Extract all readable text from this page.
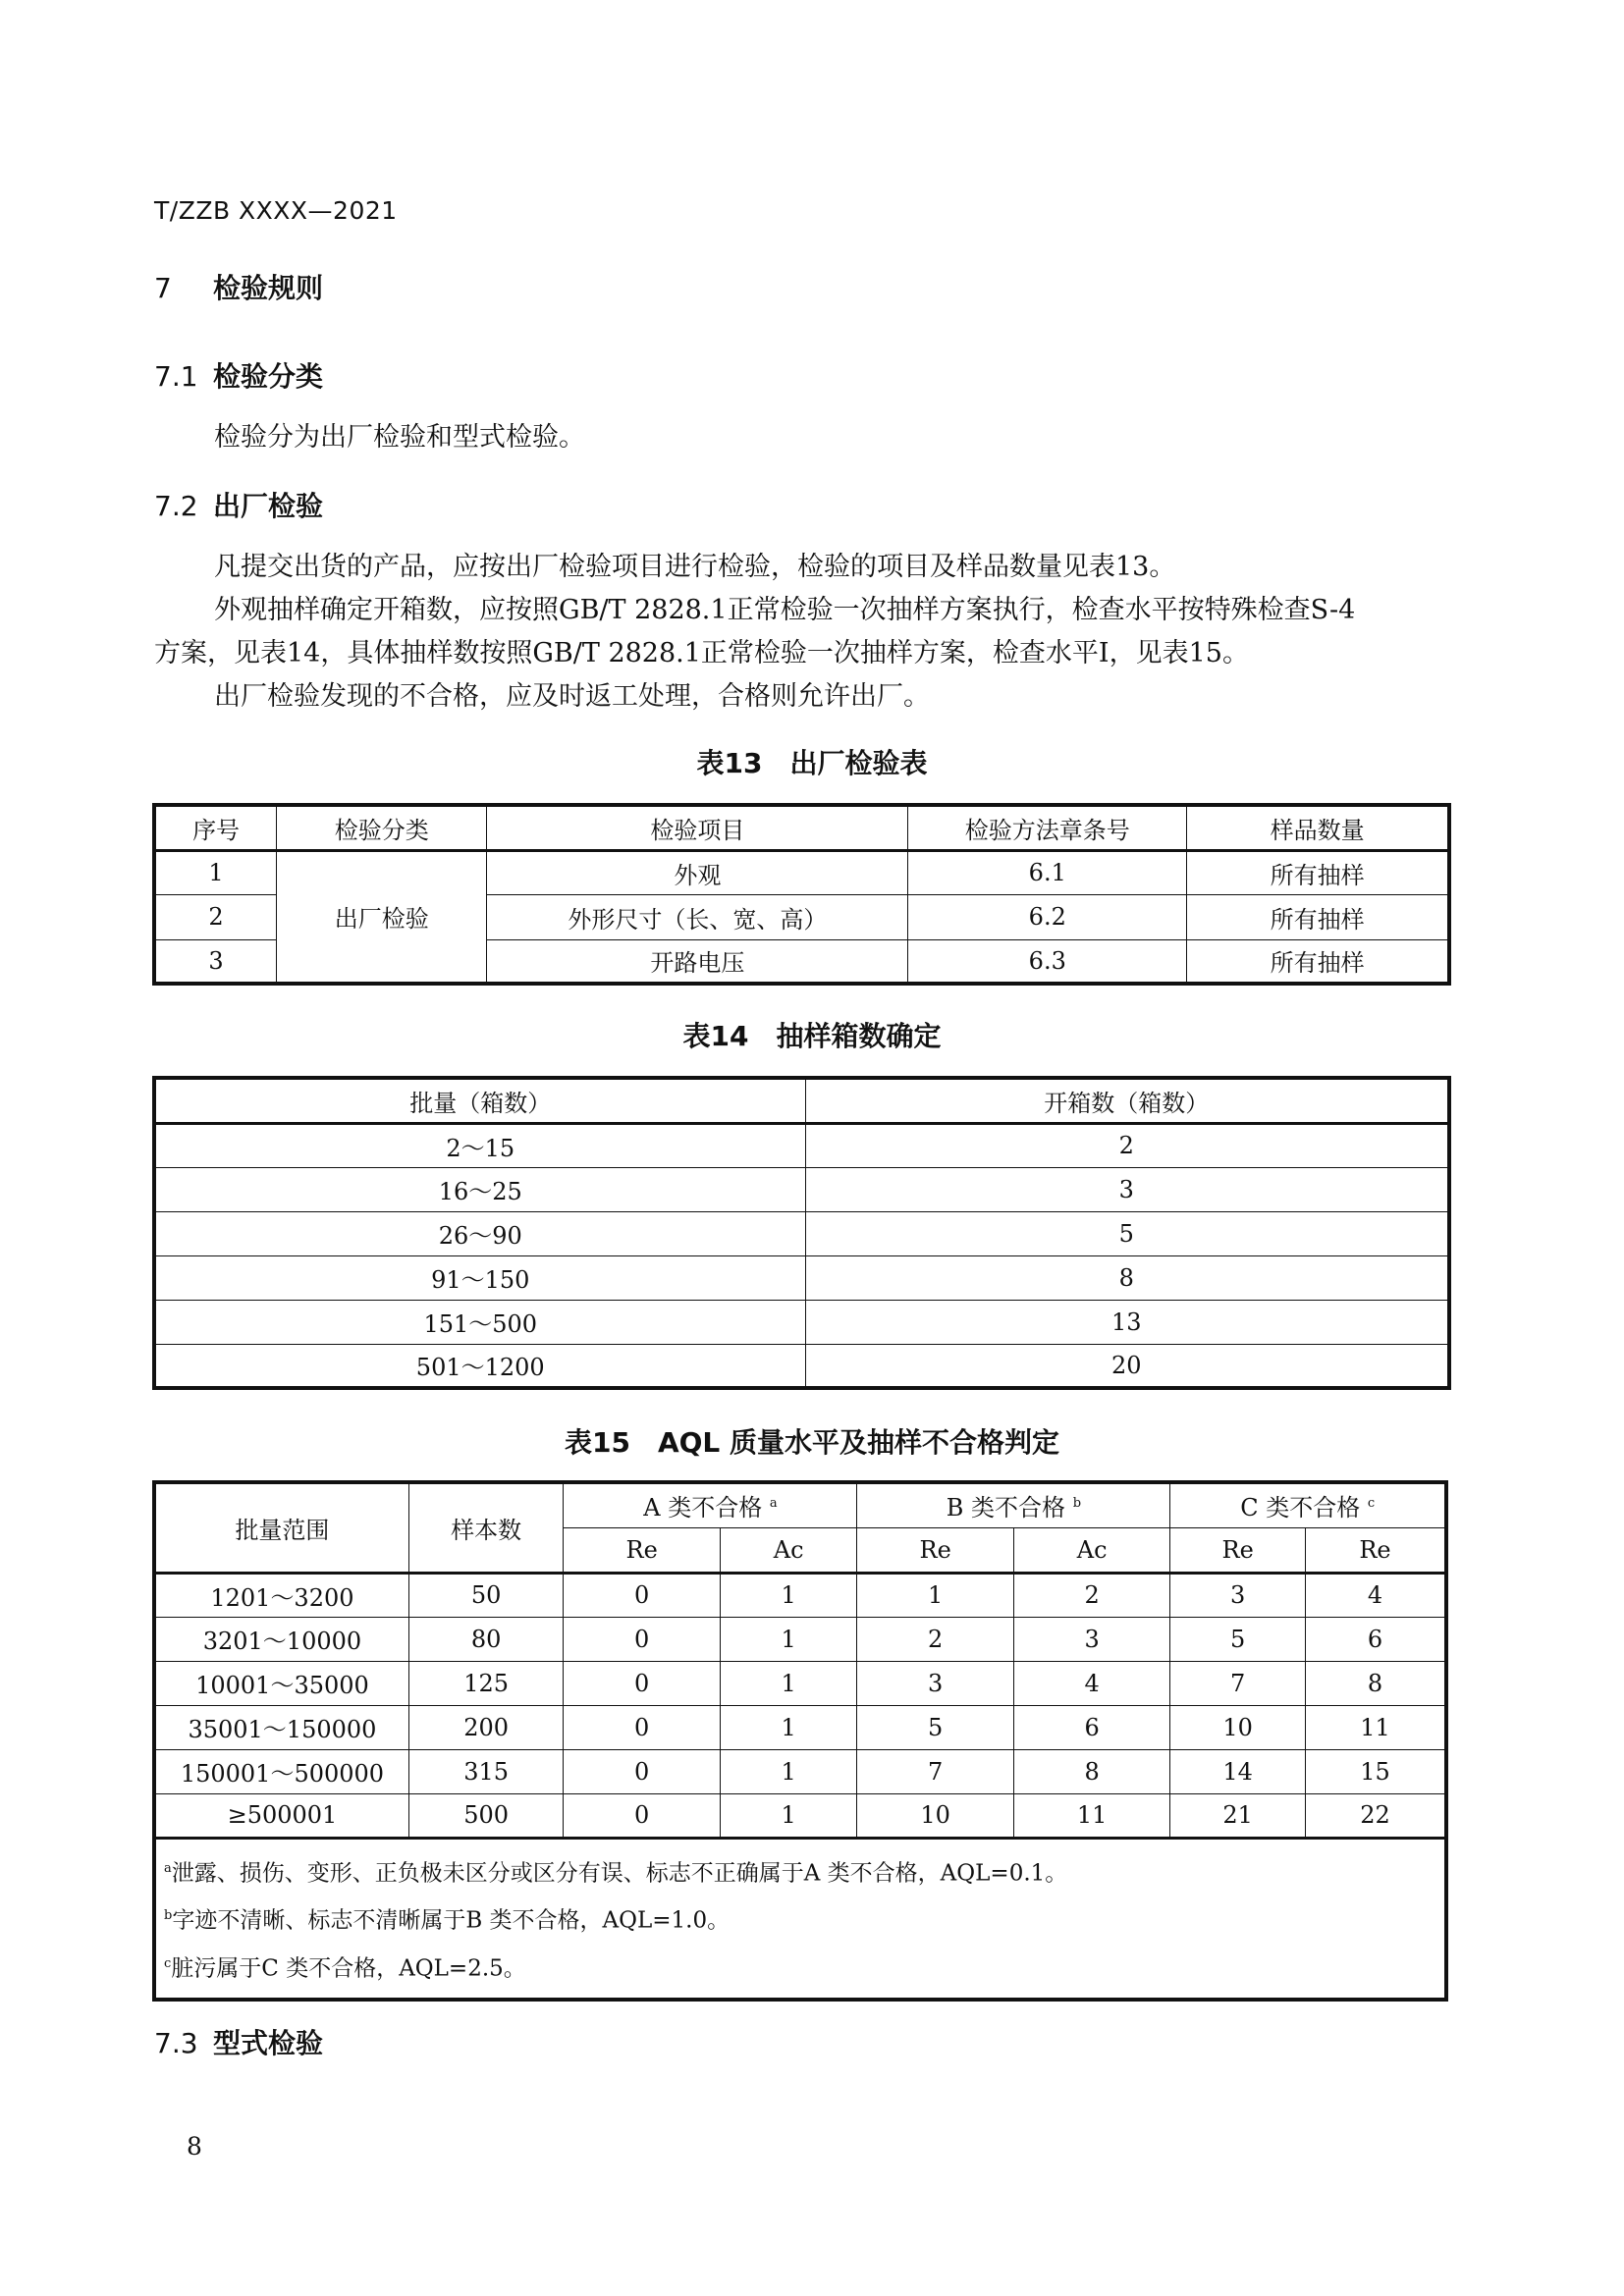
T/ZZB XXXX—2021
7 检验规则
7.1 检验分类
检验分为出厂检验和型式检验。
7.2 出厂检验
凡提交出货的产品，应按出厂检验项目进行检验，检验的项目及样品数量见表13。
外观抽样确定开箱数，应按照GB/T 2828.1正常检验一次抽样方案执行，检查水平按特殊检查S-4
方案，见表14，具体抽样数按照GB/T 2828.1正常检验一次抽样方案，检查水平Ⅰ，见表15。
出厂检验发现的不合格，应及时返工处理，合格则允许出厂。
表13　出厂检验表
序号	检验分类	检验项目	检验方法章条号	样品数量
1	出厂检验	外观	6.1	所有抽样
2		外形尺寸（长、宽、高）	6.2	所有抽样
3		开路电压	6.3	所有抽样
表14　抽样箱数确定
批量（箱数）	开箱数（箱数）
2～15	2
16～25	3
26～90	5
91～150	8
151～500	13
501～1200	20
表15　AQL 质量水平及抽样不合格判定
批量范围	样本数	A 类不合格 $^a$		B 类不合格 $^b$		C 类不合格 $^c$
		Re	Ac	Re	Ac	Re	Re
1201～3200	50	0	1	1	2	3	4
3201～10000	80	0	1	2	3	5	6
10001～35000	125	0	1	3	4	7	8
35001～150000	200	0	1	5	6	10	11
150001～500000	315	0	1	7	8	14	15
≥500001	500	0	1	10	11	21	22

$^a$泄露、损伤、变形、正负极未区分或区分有误、标志不正确属于A 类不合格，AQL=0.1。
$^b$字迹不清晰、标志不清晰属于B 类不合格，AQL=1.0。
$^c$脏污属于C 类不合格，AQL=2.5。							
7.3 型式检验
8
